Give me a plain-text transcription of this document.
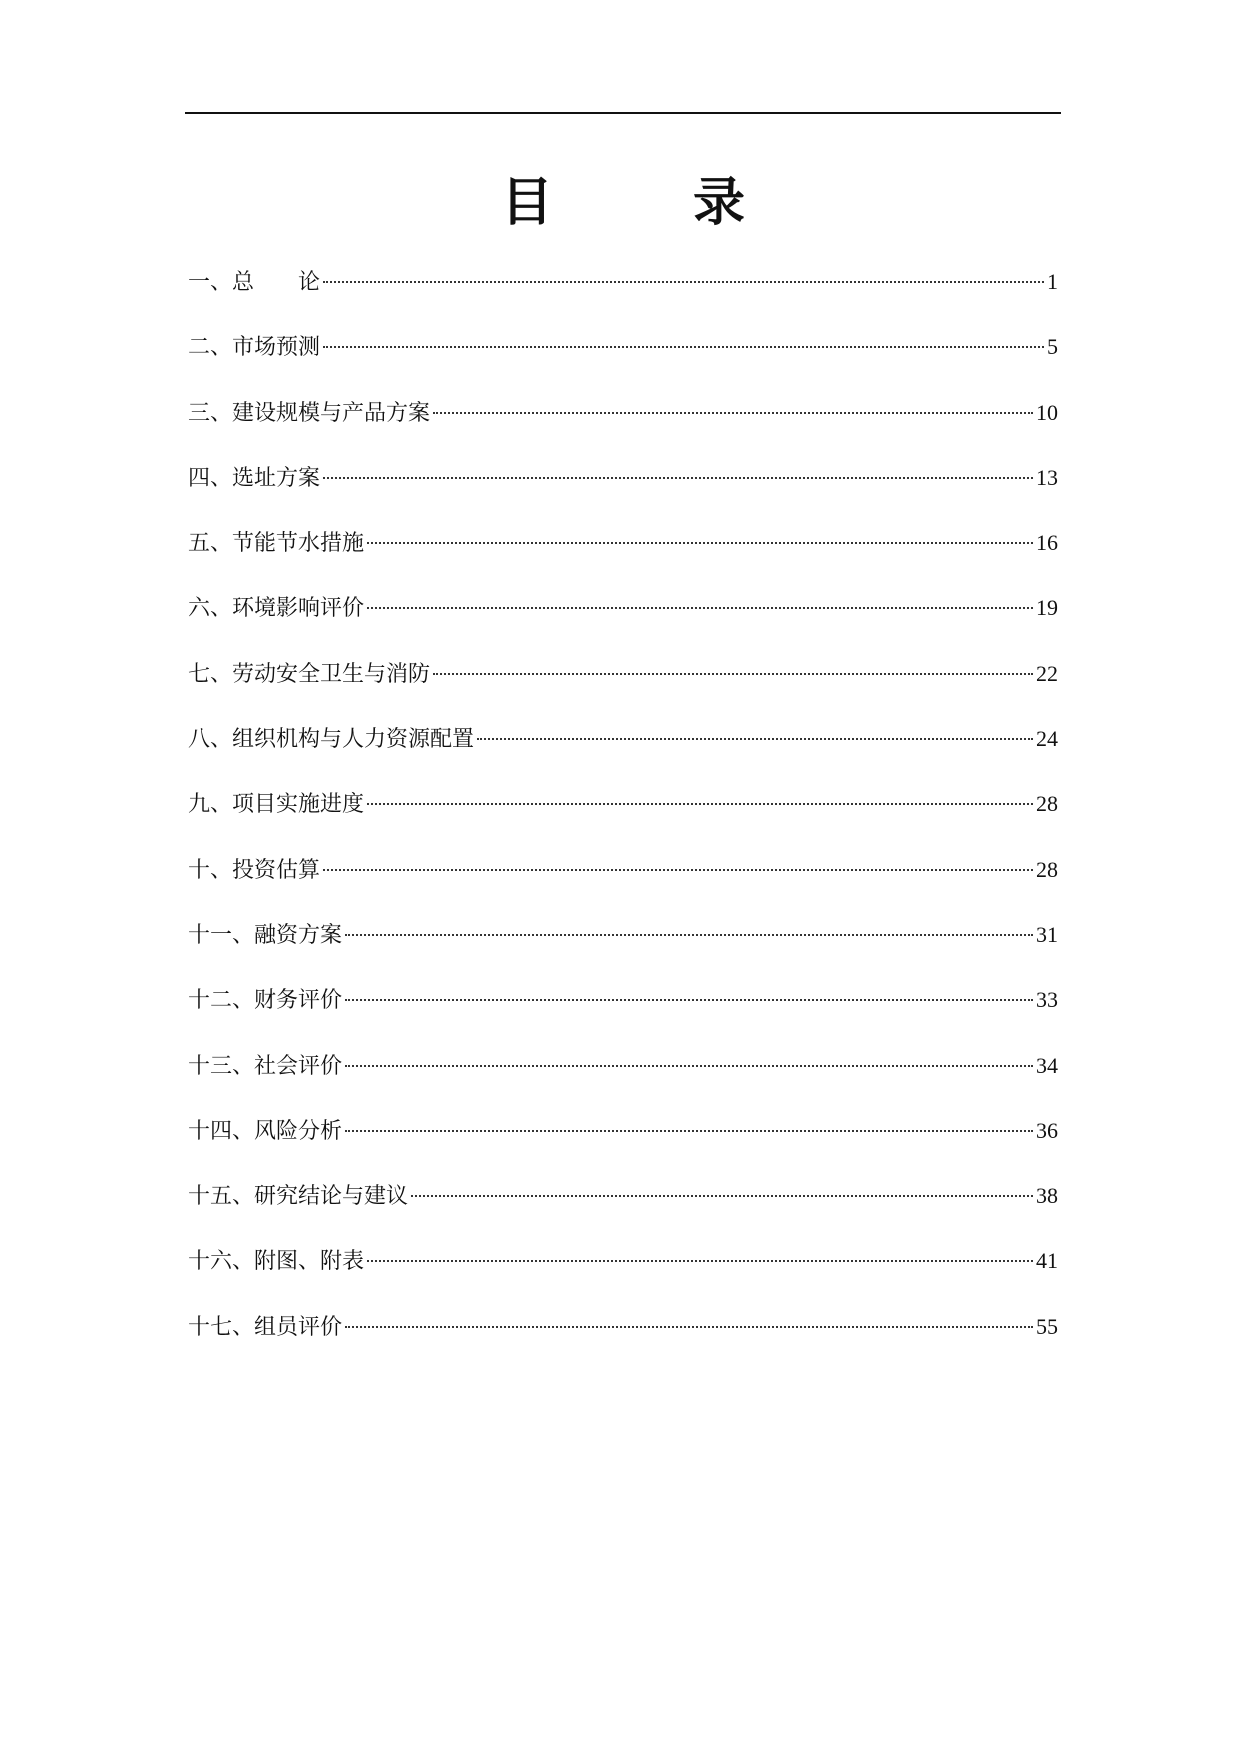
目	录
一、总　　论	1
二、市场预测	5
三、建设规模与产品方案	10
四、选址方案	13
五、节能节水措施	16
六、环境影响评价	19
七、劳动安全卫生与消防	22
八、组织机构与人力资源配置	24
九、项目实施进度	28
十、投资估算	28
十一、融资方案	31
十二、财务评价	33
十三、社会评价	34
十四、风险分析	36
十五、研究结论与建议	38
十六、附图、附表	41
十七、组员评价	55
